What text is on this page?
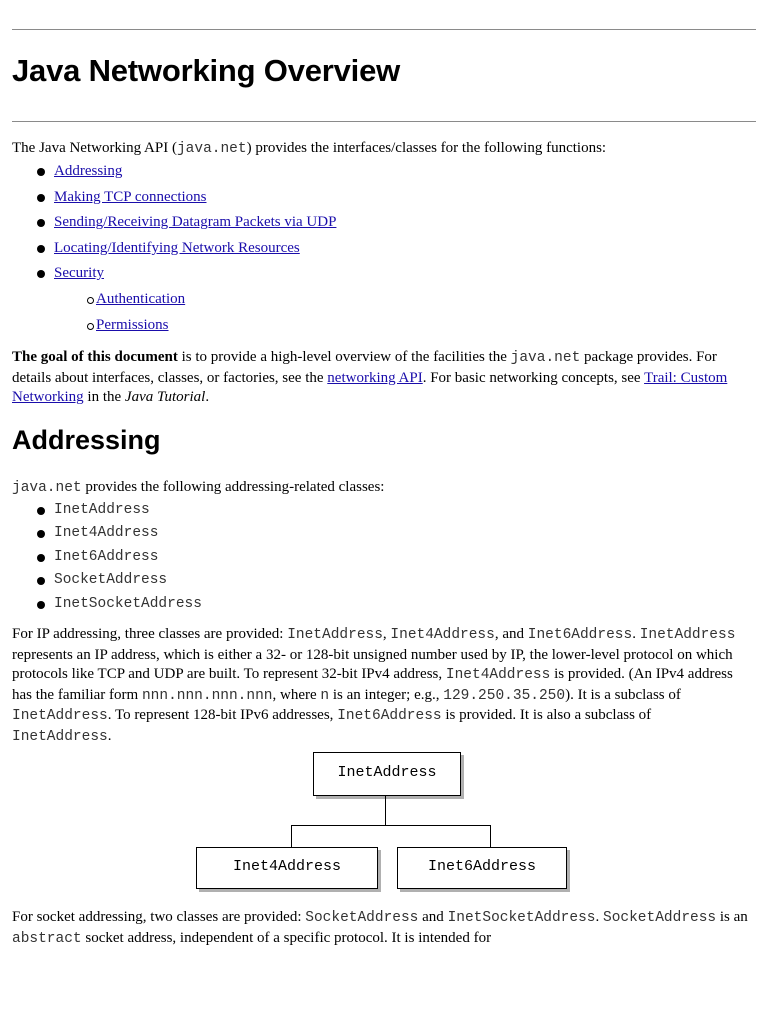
Java Networking Overview

The Java Networking API (java.net) provides the interfaces/classes for the following functions:

Addressing
Making TCP connections
Sending/Receiving Datagram Packets via UDP
Locating/Identifying Network Resources
Security
Authentication
Permissions

The goal of this document is to provide a high-level overview of the facilities the java.net package provides. For details about interfaces, classes, or factories, see the networking API. For basic networking concepts, see Trail: Custom Networking in the Java Tutorial.

Addressing

java.net provides the following addressing-related classes:

InetAddress
Inet4Address
Inet6Address
SocketAddress
InetSocketAddress

For IP addressing, three classes are provided: InetAddress, Inet4Address, and Inet6Address. InetAddress represents an IP address, which is either a 32- or 128-bit unsigned number used by IP, the lower-level protocol on which protocols like TCP and UDP are built. To represent 32-bit IPv4 address, Inet4Address is provided. (An IPv4 address has the familiar form nnn.nnn.nnn.nnn, where n is an integer; e.g., 129.250.35.250). It is a subclass of InetAddress. To represent 128-bit IPv6 addresses, Inet6Address is provided. It is also a subclass of InetAddress.

InetAddress
Inet4Address	Inet6Address

For socket addressing, two classes are provided: SocketAddress and InetSocketAddress. SocketAddress is an abstract socket address, independent of a specific protocol. It is intended for
